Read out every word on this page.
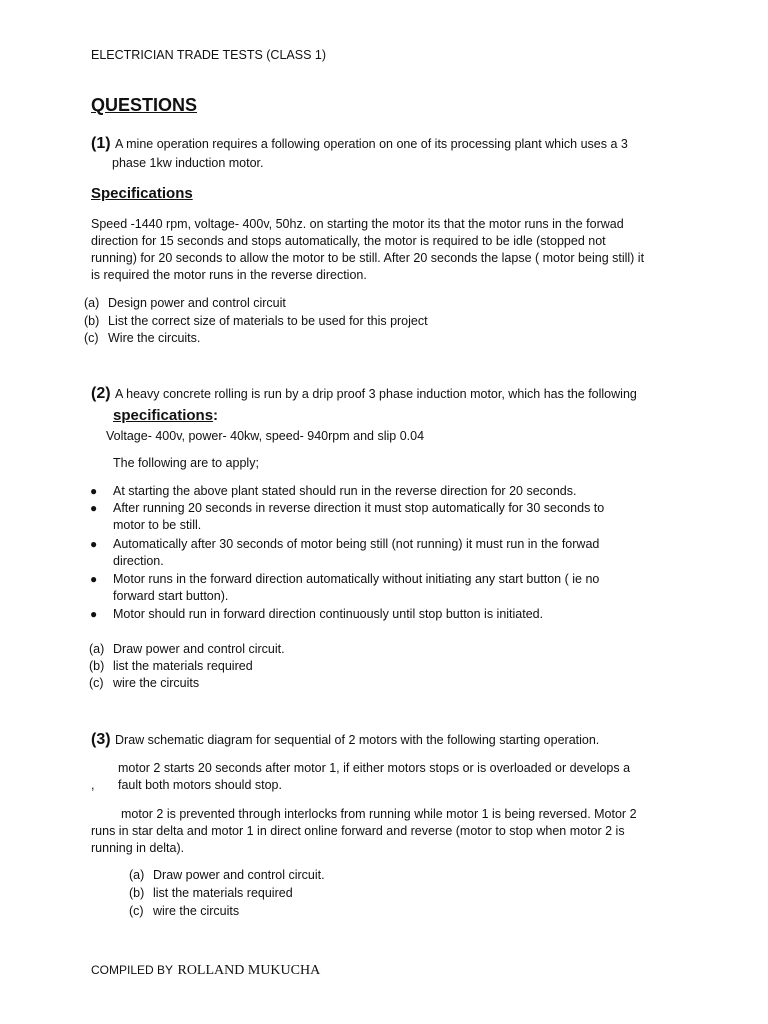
ELECTRICIAN TRADE TESTS (CLASS 1)
QUESTIONS
(1) A mine operation requires a following operation on one of its processing plant which uses a 3
phase 1kw induction motor.
Specifications
Speed -1440 rpm, voltage- 400v, 50hz. on starting the motor its that the motor runs in the forwad
direction for 15 seconds and stops automatically, the motor is required to be idle (stopped not
running) for 20 seconds to allow the motor to be still. After 20 seconds the lapse ( motor being still) it
is required the motor runs in the reverse direction.
(a) Design power and control circuit
(b) List the correct size of materials to be used for this project
(c) Wire the circuits.
(2) A heavy concrete rolling is run by a drip proof 3 phase induction motor, which has the following
specifications:
Voltage- 400v, power- 40kw, speed- 940rpm and slip 0.04
The following are to apply;
● At starting the above plant stated should run in the reverse direction for 20 seconds.
● After running 20 seconds in reverse direction it must stop automatically for 30 seconds to
motor to be still.
● Automatically after 30 seconds of motor being still (not running) it must run in the forwad
direction.
● Motor runs in the forward direction automatically without initiating any start button ( ie no
forward start button).
● Motor should run in forward direction continuously until stop button is initiated.
(a) Draw power and control circuit.
(b) list the materials required
(c) wire the circuits
(3) Draw schematic diagram for sequential of 2 motors with the following starting operation.
motor 2 starts 20 seconds after motor 1, if either motors stops or is overloaded or develops a
, fault both motors should stop.
motor 2 is prevented through interlocks from running while motor 1 is being reversed. Motor 2
runs in star delta and motor 1 in direct online forward and reverse (motor to stop when motor 2 is
running in delta).
(a) Draw power and control circuit.
(b) list the materials required
(c) wire the circuits
COMPILED BY ROLLAND MUKUCHA
